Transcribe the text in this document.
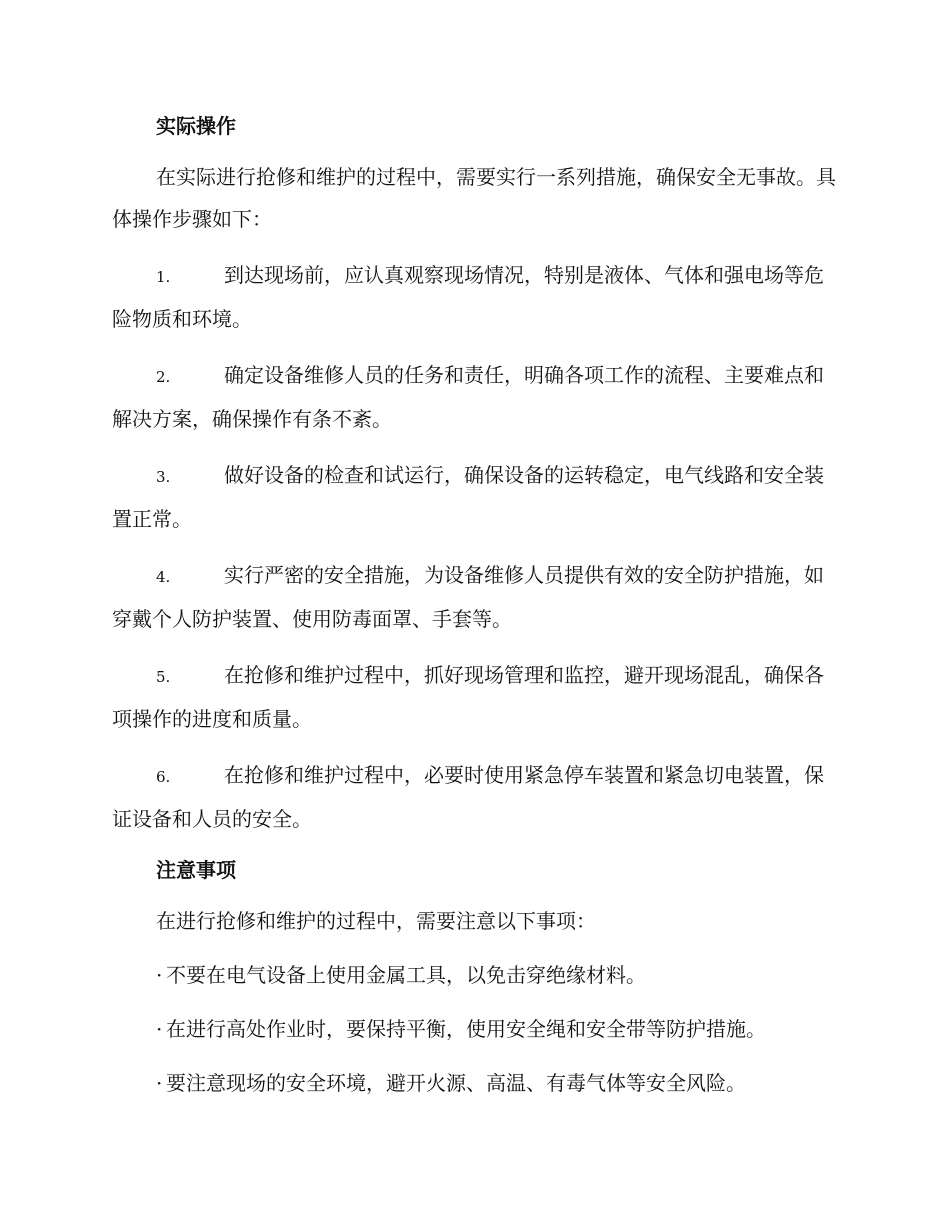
实际操作

在实际进行抢修和维护的过程中，需要实行一系列措施，确保安全无事故。具体操作步骤如下：

1.	到达现场前，应认真观察现场情况，特别是液体、气体和强电场等危险物质和环境。

2.	确定设备维修人员的任务和责任，明确各项工作的流程、主要难点和解决方案，确保操作有条不紊。

3.	做好设备的检查和试运行，确保设备的运转稳定，电气线路和安全装置正常。

4.	实行严密的安全措施，为设备维修人员提供有效的安全防护措施，如穿戴个人防护装置、使用防毒面罩、手套等。

5.	在抢修和维护过程中，抓好现场管理和监控，避开现场混乱，确保各项操作的进度和质量。

6.	在抢修和维护过程中，必要时使用紧急停车装置和紧急切电装置，保证设备和人员的安全。

注意事项

在进行抢修和维护的过程中，需要注意以下事项：

· 不要在电气设备上使用金属工具，以免击穿绝缘材料。

· 在进行高处作业时，要保持平衡，使用安全绳和安全带等防护措施。

· 要注意现场的安全环境，避开火源、高温、有毒气体等安全风险。
